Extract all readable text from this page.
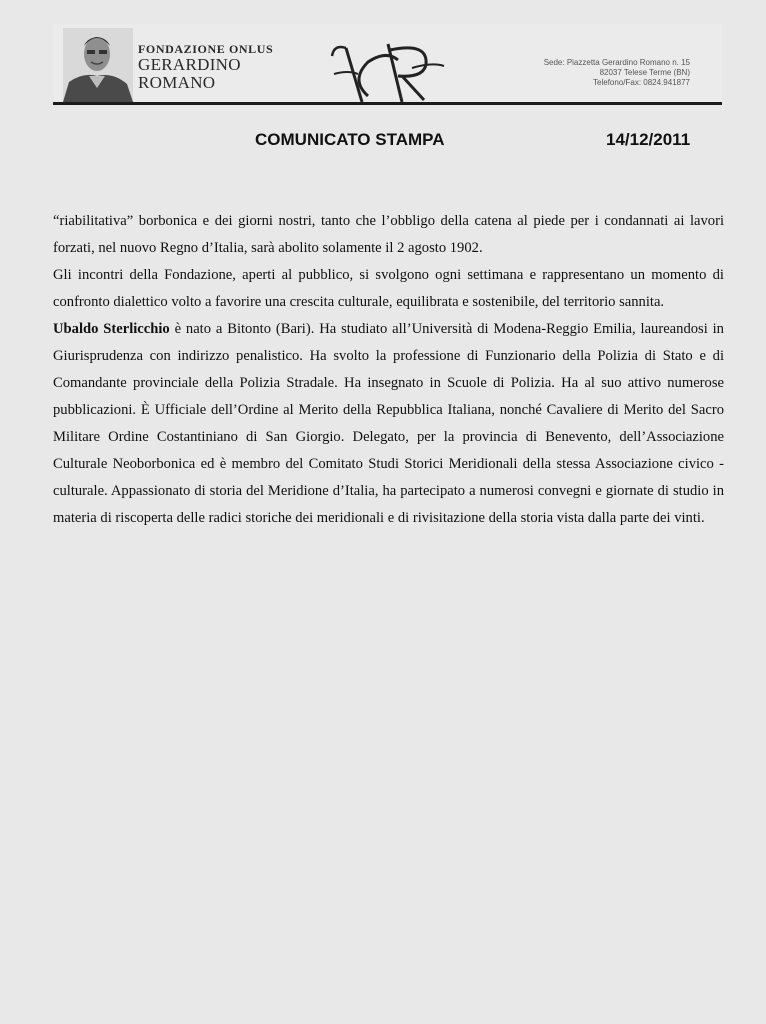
FONDAZIONE ONLUS
GERARDINO
ROMANO
Sede: Piazzetta Gerardino Romano n. 15
82037 Telese Terme (BN)
Telefono/Fax: 0824.941877
COMUNICATO STAMPA	14/12/2011

“riabilitativa” borbonica e dei giorni nostri, tanto che l’obbligo della catena al piede per i condannati ai lavori forzati, nel nuovo Regno d’Italia, sarà abolito solamente il 2 agosto 1902.

Gli incontri della Fondazione, aperti al pubblico, si svolgono ogni settimana e rappresentano un momento di confronto dialettico volto a favorire una crescita culturale, equilibrata e sostenibile, del territorio sannita.

Ubaldo Sterlicchio è nato a Bitonto (Bari). Ha studiato all’Università di Modena-Reggio Emilia, laureandosi in Giurisprudenza con indirizzo penalistico. Ha svolto la professione di Funzionario della Polizia di Stato e di Comandante provinciale della Polizia Stradale. Ha insegnato in Scuole di Polizia. Ha al suo attivo numerose pubblicazioni. È Ufficiale dell’Ordine al Merito della Repubblica Italiana, nonché Cavaliere di Merito del Sacro Militare Ordine Costantiniano di San Giorgio. Delegato, per la provincia di Benevento, dell’Associazione Culturale Neoborbonica ed è membro del Comitato Studi Storici Meridionali della stessa Associazione civico - culturale. Appassionato di storia del Meridione d’Italia, ha partecipato a numerosi convegni e giornate di studio in materia di riscoperta delle radici storiche dei meridionali e di rivisitazione della storia vista dalla parte dei vinti.
